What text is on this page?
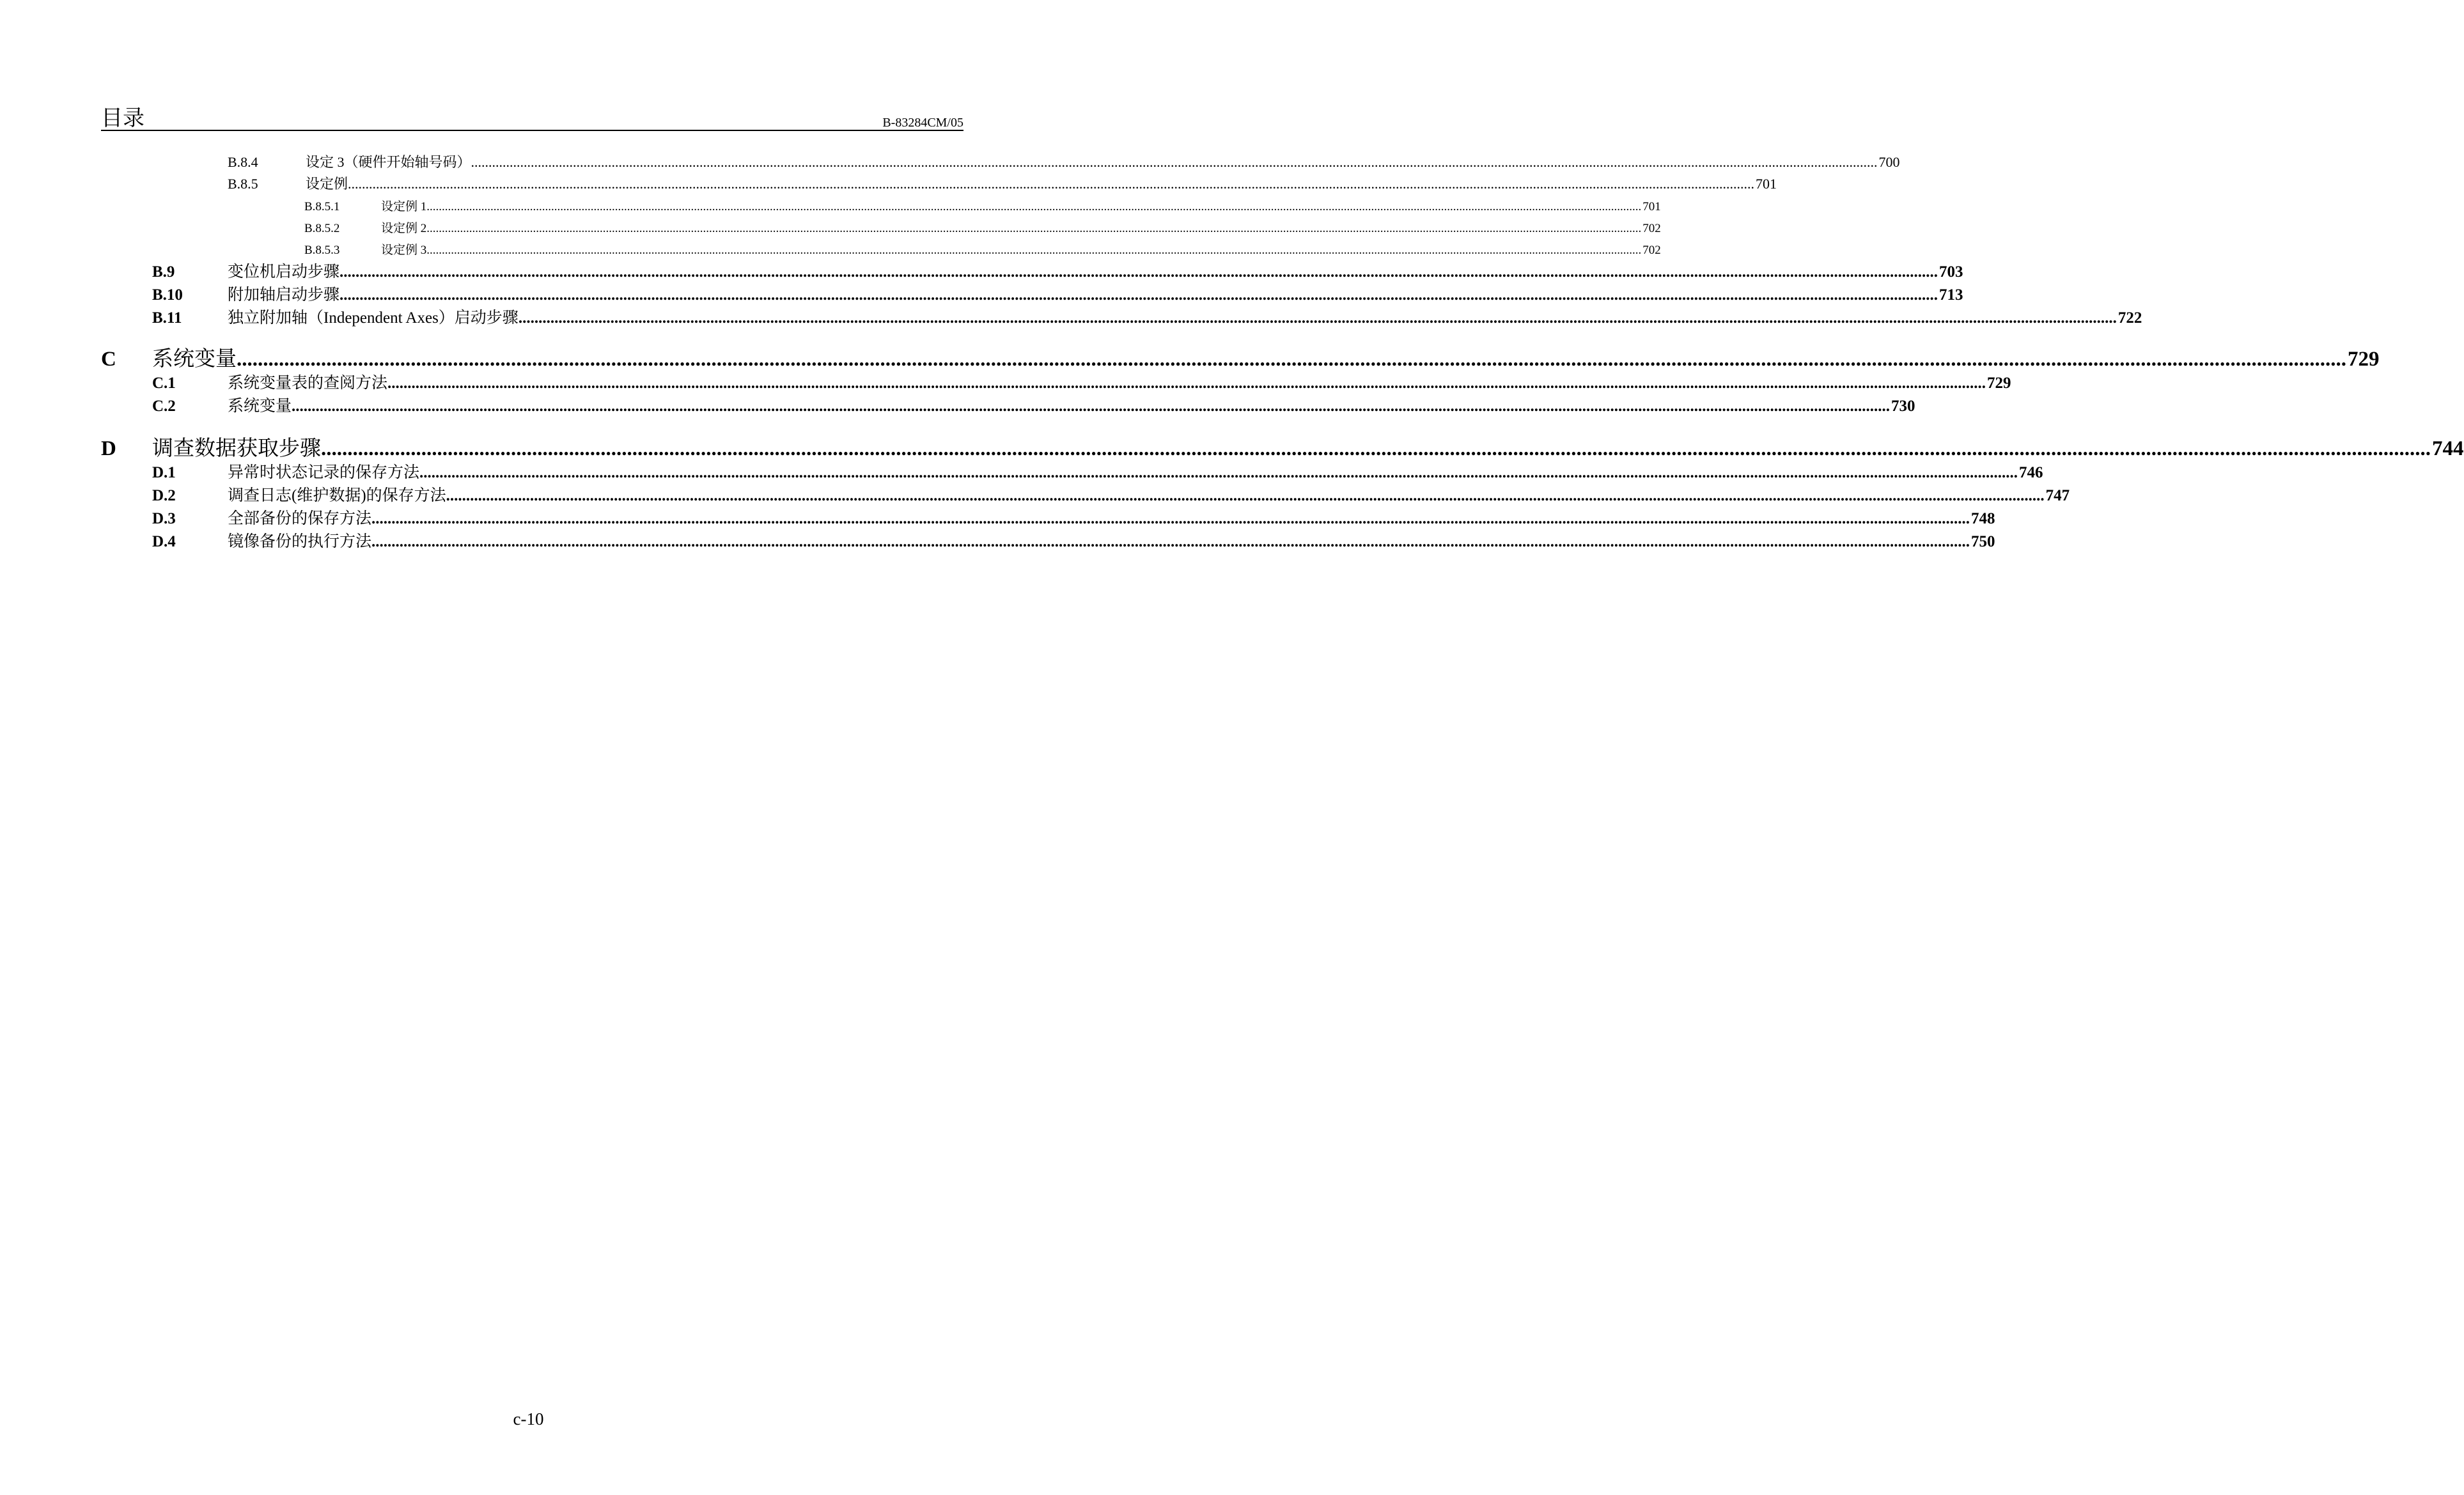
目录	B-83284CM/05
B.8.4	设定 3（硬件开始轴号码） ................................................................................................................................................................................................................................................................................................................................................................................................................ 700
B.8.5	设定例 ................................................................................................................................................................................................................................................................................................................................................................................................................ 701
B.8.5.1	设定例 1 ................................................................................................................................................................................................................................................................................................................................................................................................................ 701
B.8.5.2	设定例 2 ................................................................................................................................................................................................................................................................................................................................................................................................................ 702
B.8.5.3	设定例 3 ................................................................................................................................................................................................................................................................................................................................................................................................................ 702
B.9	变位机启动步骤 ................................................................................................................................................................................................................................................................................................................................................................................................................ 703
B.10	附加轴启动步骤 ................................................................................................................................................................................................................................................................................................................................................................................................................ 713
B.11	独立附加轴（Independent Axes）启动步骤 ................................................................................................................................................................................................................................................................................................................................................................................................................ 722
C 系统变量 ................................................................................................................................................................................................................................................................................................................................................................................................................ 729
C.1	系统变量表的查阅方法 ................................................................................................................................................................................................................................................................................................................................................................................................................ 729
C.2	系统变量 ................................................................................................................................................................................................................................................................................................................................................................................................................ 730
D 调查数据获取步骤 ................................................................................................................................................................................................................................................................................................................................................................................................................ 744
D.1	异常时状态记录的保存方法 ................................................................................................................................................................................................................................................................................................................................................................................................................ 746
D.2	调查日志(维护数据)的保存方法 ................................................................................................................................................................................................................................................................................................................................................................................................................ 747
D.3	全部备份的保存方法 ................................................................................................................................................................................................................................................................................................................................................................................................................ 748
D.4	镜像备份的执行方法 ................................................................................................................................................................................................................................................................................................................................................................................................................ 750
c-10
